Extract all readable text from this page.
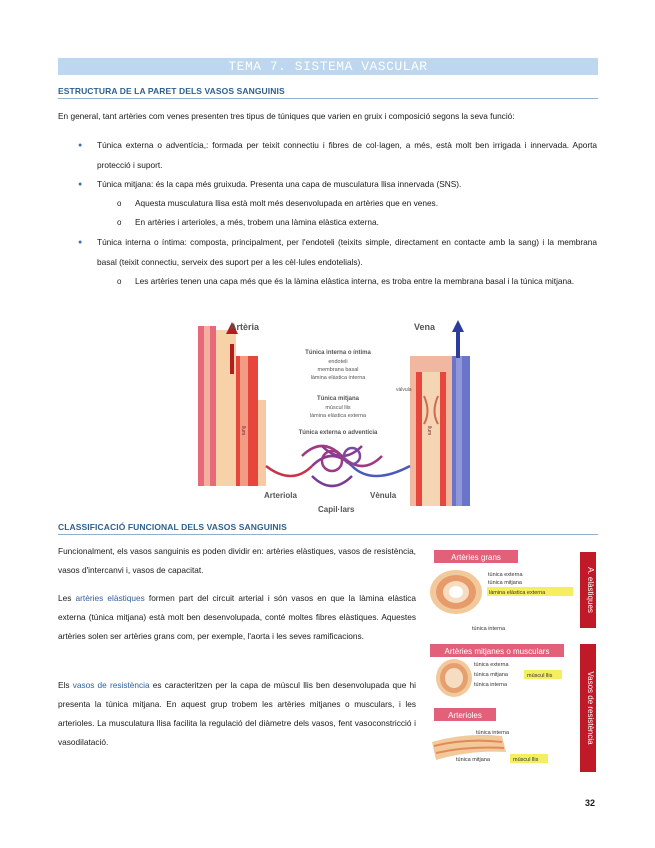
TEMA 7. SISTEMA VASCULAR
ESTRUCTURA DE LA PARET DELS VASOS SANGUINIS
En general, tant artèries com venes presenten tres tipus de túniques que varien en gruix i composició segons la seva funció:
● Túnica externa o adventícia,: formada per teixit connectiu i fibres de col·lagen, a més, està molt ben irrigada i innervada. Aporta protecció i suport.
● Túnica mitjana: és la capa més gruixuda. Presenta una capa de musculatura llisa innervada (SNS).
o Aquesta musculatura llisa està molt més desenvolupada en artèries que en venes.
o En artèries i arterioles, a més, trobem una làmina elàstica externa.
● Túnica interna o íntima: composta, principalment, per l'endoteli (teixits simple, directament en contacte amb la sang) i la membrana basal (teixit connectiu, serveix des suport per a les cèl·lules endotelials).
o Les artèries tenen una capa més que és la làmina elàstica interna, es troba entre la membrana basal i la túnica mitjana.
Artèria	Vena
Túnica interna o íntima
endoteli
membrana basal
làmina elàstica interna
vàlvula
Túnica mitjana
múscul llis
làmina elàstica externa
Túnica externa o adventícia
llum	llum
Arteriola	Vènula
Capil·lars
CLASSIFICACIÓ FUNCIONAL DELS VASOS SANGUINIS
Funcionalment, els vasos sanguinis es poden dividir en: artèries elàstiques, vasos de resistència, vasos d'intercanvi i, vasos de capacitat.
Les artèries elàstiques formen part del circuit arterial i són vasos en que la làmina elàstica externa (túnica mitjana) està molt ben desenvolupada, conté moltes fibres elàstiques. Aquestes artèries solen ser artèries grans com, per exemple, l'aorta i les seves ramificacions.
Els vasos de resistència es caracteritzen per la capa de múscul llis ben desenvolupada que hi presenta la túnica mitjana. En aquest grup trobem les artèries mitjanes o musculars, i les arterioles. La musculatura llisa facilita la regulació del diàmetre dels vasos, fent vasoconstricció i vasodilatació.
Artèries grans
túnica externa
túnica mitjana
làmina elàstica externa
túnica interna
A. elàstiques
Artèries mitjanes o musculars
túnica externa
túnica mitjana	múscul llis
túnica interna
Arterioles
túnica interna
túnica mitjana	múscul llis
Vasos de resistència
32
